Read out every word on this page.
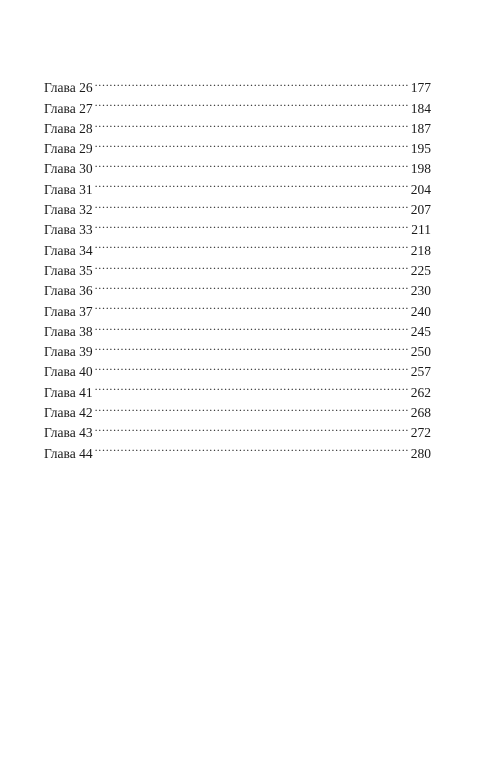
Глава 26 . . .	177
Глава 27 . . .	184
Глава 28 . . .	187
Глава 29 . . .	195
Глава 30 . . .	198
Глава 31 . . .	204
Глава 32 . . .	207
Глава 33 . . .	211
Глава 34 . . .	218
Глава 35 . . .	225
Глава 36 . . .	230
Глава 37 . . .	240
Глава 38 . . .	245
Глава 39 . . .	250
Глава 40 . . .	257
Глава 41 . . .	262
Глава 42 . . .	268
Глава 43 . . .	272
Глава 44 . . .	280
